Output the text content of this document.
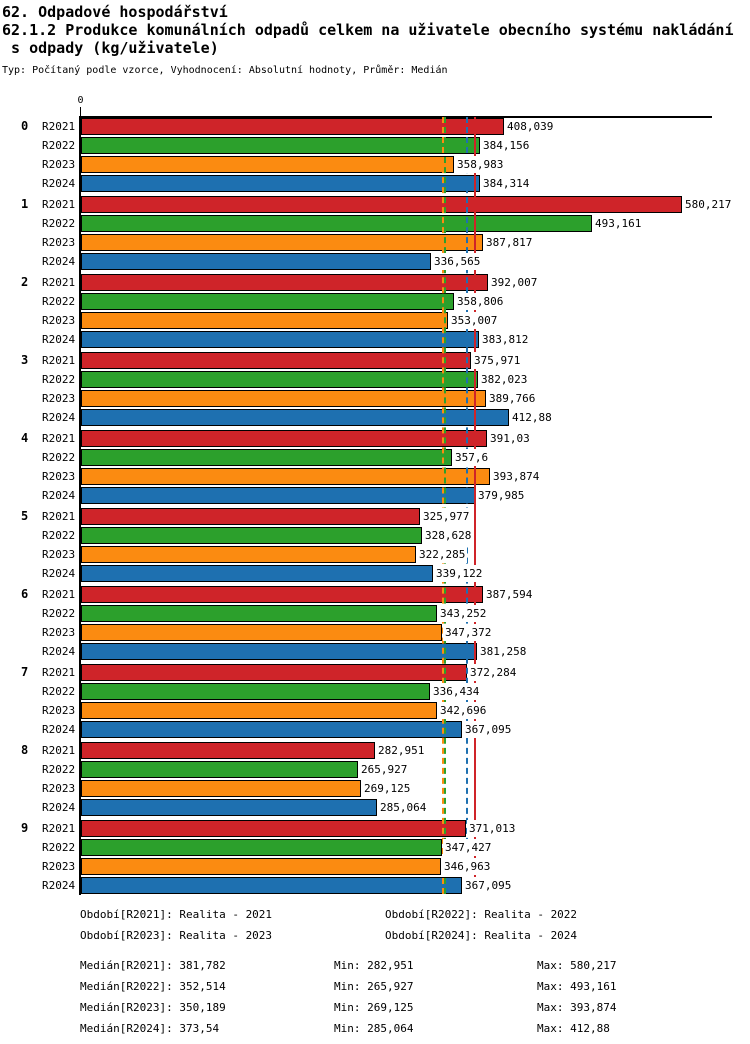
62. Odpadové hospodářství
62.1.2 Produkce komunálních odpadů celkem na uživatele obecního systému nakládání
s odpady (kg/uživatele)
Typ: Počítaný podle vzorce, Vyhodnocení: Absolutní hodnoty, Průměr: Medián
0
0 R2021	408,039
R2022	384,156
R2023	358,983
R2024	384,314
1 R2021	580,217
R2022	493,161
R2023	387,817
R2024	336,565
2 R2021	392,007
R2022	358,806
R2023	353,007
R2024	383,812
3 R2021	375,971
R2022	382,023
R2023	389,766
R2024	412,88
4 R2021	391,03
R2022	357,6
R2023	393,874
R2024	379,985
5 R2021	325,977
R2022	328,628
R2023	322,285
R2024	339,122
6 R2021	387,594
R2022	343,252
R2023	347,372
R2024	381,258
7 R2021	372,284
R2022	336,434
R2023	342,696
R2024	367,095
8 R2021	282,951
R2022	265,927
R2023	269,125
R2024	285,064
9 R2021	371,013
R2022	347,427
R2023	346,963
R2024	367,095
Období[R2021]: Realita - 2021	Období[R2022]: Realita - 2022
Období[R2023]: Realita - 2023	Období[R2024]: Realita - 2024
Medián[R2021]: 381,782	Min: 282,951	Max: 580,217
Medián[R2022]: 352,514	Min: 265,927	Max: 493,161
Medián[R2023]: 350,189	Min: 269,125	Max: 393,874
Medián[R2024]: 373,54	Min: 285,064	Max: 412,88
